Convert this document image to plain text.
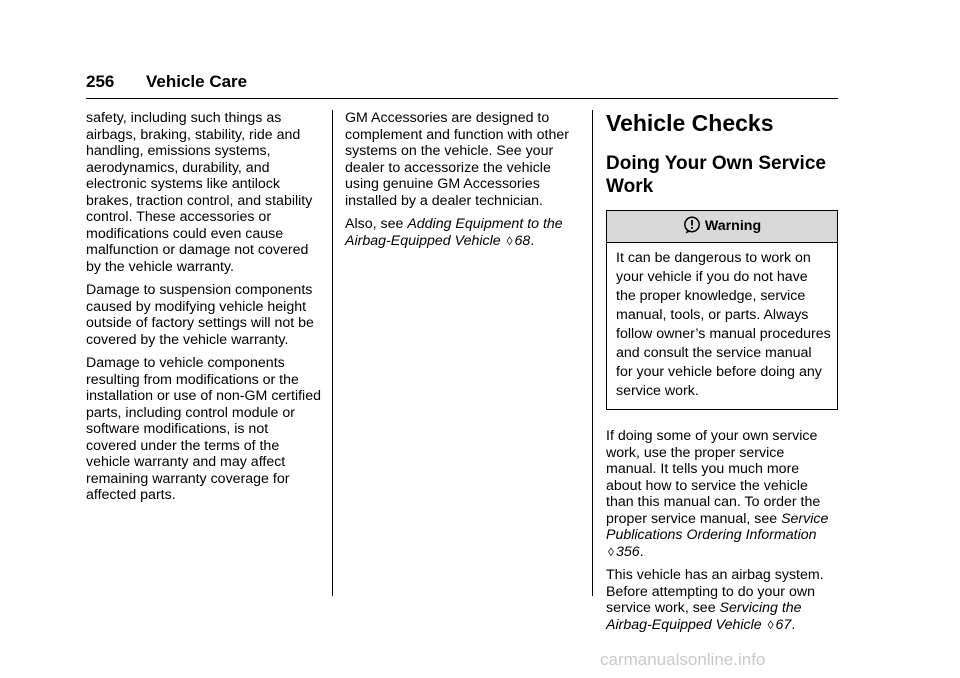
256 Vehicle Care

safety, including such things as airbags, braking, stability, ride and handling, emissions systems, aerodynamics, durability, and electronic systems like antilock brakes, traction control, and stability control. These accessories or modifications could even cause malfunction or damage not covered by the vehicle warranty.

Damage to suspension components caused by modifying vehicle height outside of factory settings will not be covered by the vehicle warranty.

Damage to vehicle components resulting from modifications or the installation or use of non-GM certified parts, including control module or software modifications, is not covered under the terms of the vehicle warranty and may affect remaining warranty coverage for affected parts.

GM Accessories are designed to complement and function with other systems on the vehicle. See your dealer to accessorize the vehicle using genuine GM Accessories installed by a dealer technician.

Also, see Adding Equipment to the Airbag-Equipped Vehicle ◊ 68.

Vehicle Checks
Doing Your Own Service Work
Warning
It can be dangerous to work on your vehicle if you do not have the proper knowledge, service manual, tools, or parts. Always follow owner’s manual procedures and consult the service manual for your vehicle before doing any service work.

If doing some of your own service work, use the proper service manual. It tells you much more about how to service the vehicle than this manual can. To order the proper service manual, see Service Publications Ordering Information ◊ 356.

This vehicle has an airbag system. Before attempting to do your own service work, see Servicing the Airbag-Equipped Vehicle ◊ 67.

carmanualsonline.info
